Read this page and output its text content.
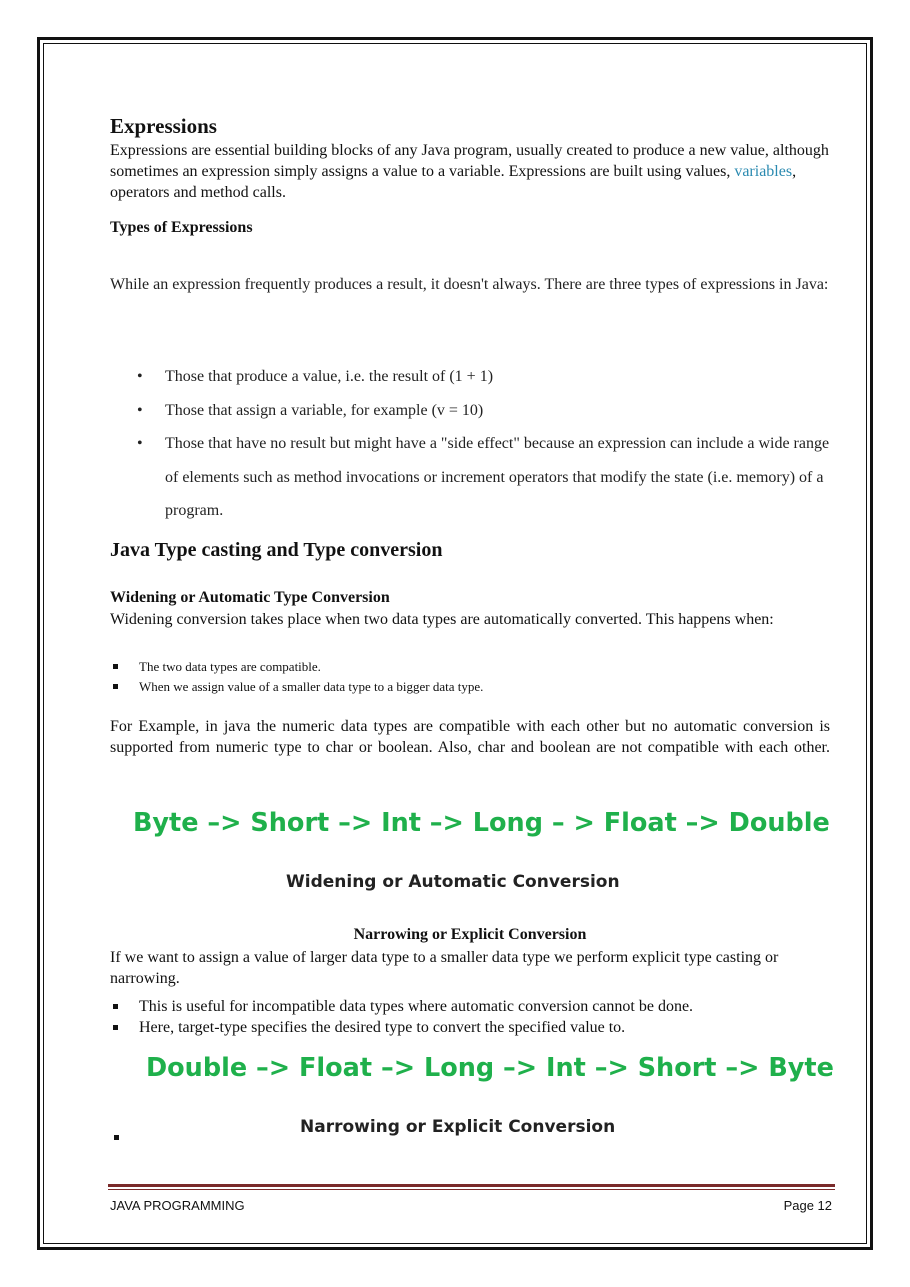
Expressions

Expressions are essential building blocks of any Java program, usually created to produce a new value, although sometimes an expression simply assigns a value to a variable. Expressions are built using values, variables, operators and method calls.

Types of Expressions

While an expression frequently produces a result, it doesn't always. There are three types of expressions in Java:

• Those that produce a value, i.e. the result of (1 + 1)
• Those that assign a variable, for example (v = 10)
• Those that have no result but might have a "side effect" because an expression can include a wide range of elements such as method invocations or increment operators that modify the state (i.e. memory) of a program.
Java Type casting and Type conversion
Widening or Automatic Type Conversion

Widening conversion takes place when two data types are automatically converted. This happens when:

The two data types are compatible.
When we assign value of a smaller data type to a bigger data type.

For Example, in java the numeric data types are compatible with each other but no automatic conversion is supported from numeric type to char or boolean. Also, char and boolean are not compatible with each other.

Byte –> Short –> Int –> Long – > Float –> Double
Widening or Automatic Conversion
Narrowing or Explicit Conversion

If we want to assign a value of larger data type to a smaller data type we perform explicit type casting or narrowing.

This is useful for incompatible data types where automatic conversion cannot be done.
Here, target-type specifies the desired type to convert the specified value to.
Double –> Float –> Long –> Int –> Short –> Byte
Narrowing or Explicit Conversion
JAVA PROGRAMMING	Page 12
